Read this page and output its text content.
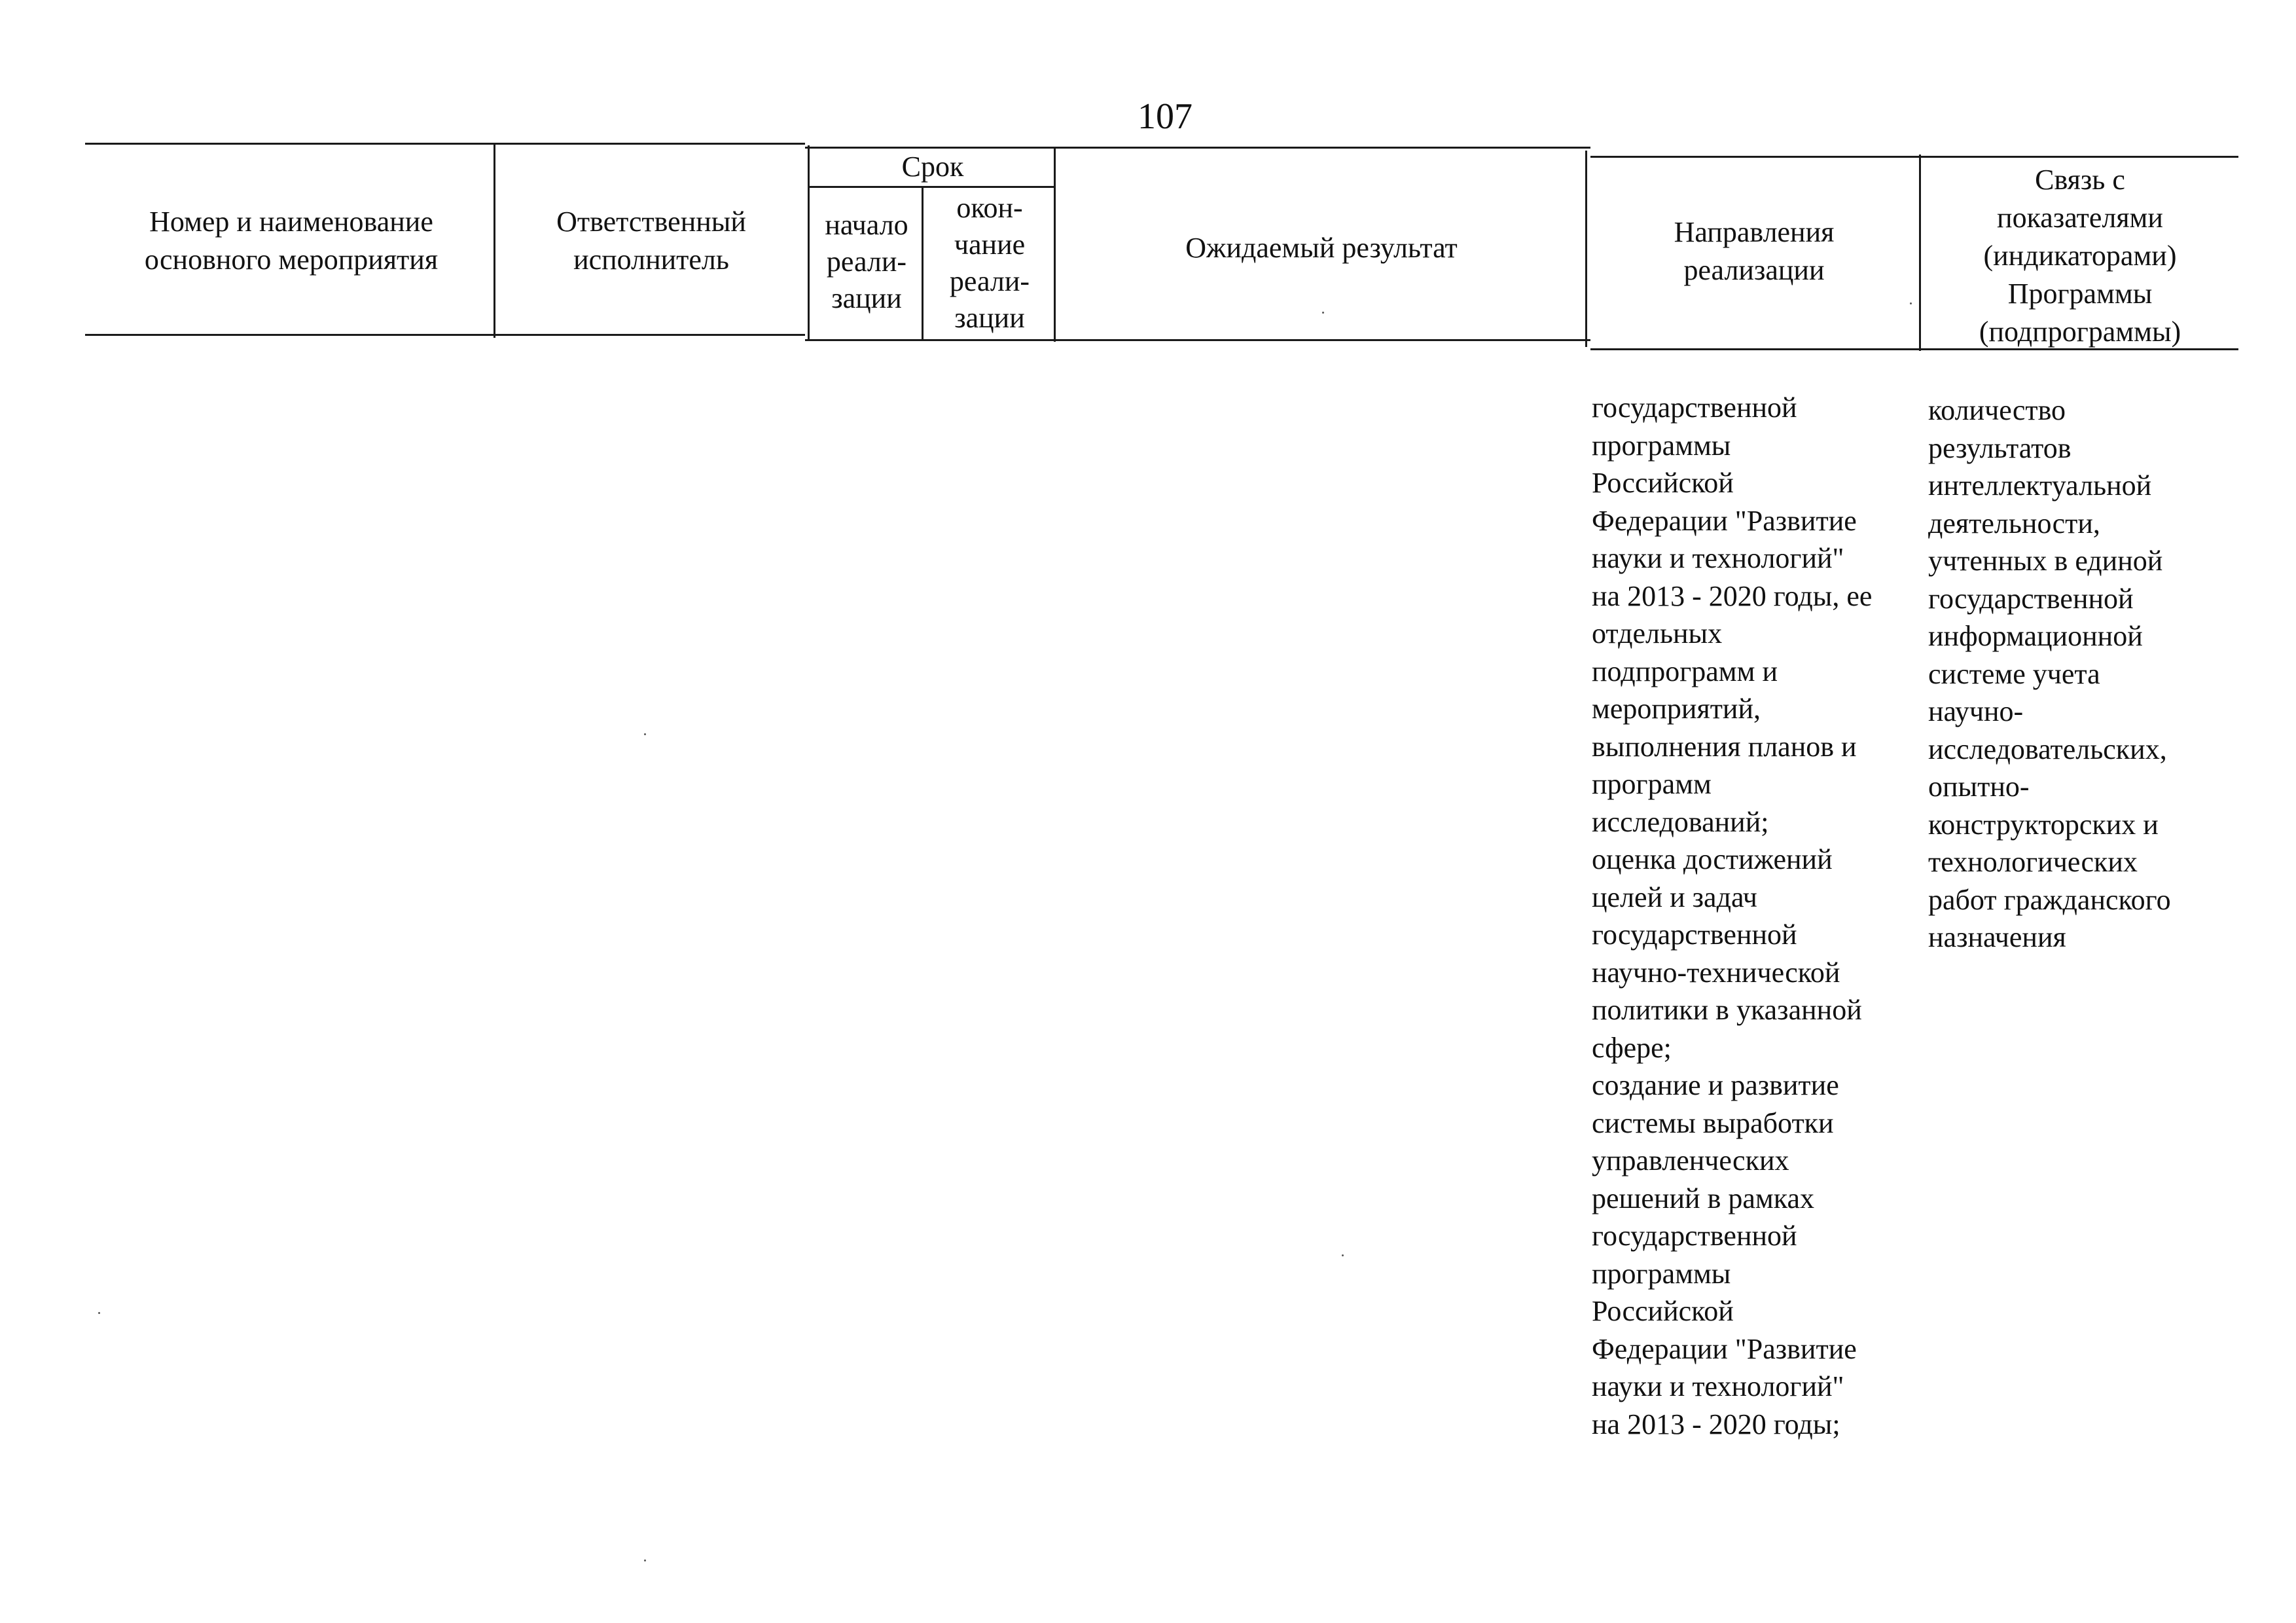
107
Номер и наименование
основного мероприятия
Ответственный
исполнитель
Срок
начало
реали-
зации
окон-
чание
реали-
зации
Ожидаемый результат	Направления
реализации
Связь с
показателями
(индикаторами)
Программы
(подпрограммы)
государственной
программы
Российской
Федерации "Развитие
науки и технологий"
на 2013 - 2020 годы, ее
отдельных
подпрограмм и
мероприятий,
выполнения планов и
программ
исследований;
оценка достижений
целей и задач
государственной
научно-технической
политики в указанной
сфере;
создание и развитие
системы выработки
управленческих
решений в рамках
государственной
программы
Российской
Федерации "Развитие
науки и технологий"
на 2013 - 2020 годы;
количество
результатов
интеллектуальной
деятельности,
учтенных в единой
государственной
информационной
системе учета
научно-
исследовательских,
опытно-
конструкторских и
технологических
работ гражданского
назначения
